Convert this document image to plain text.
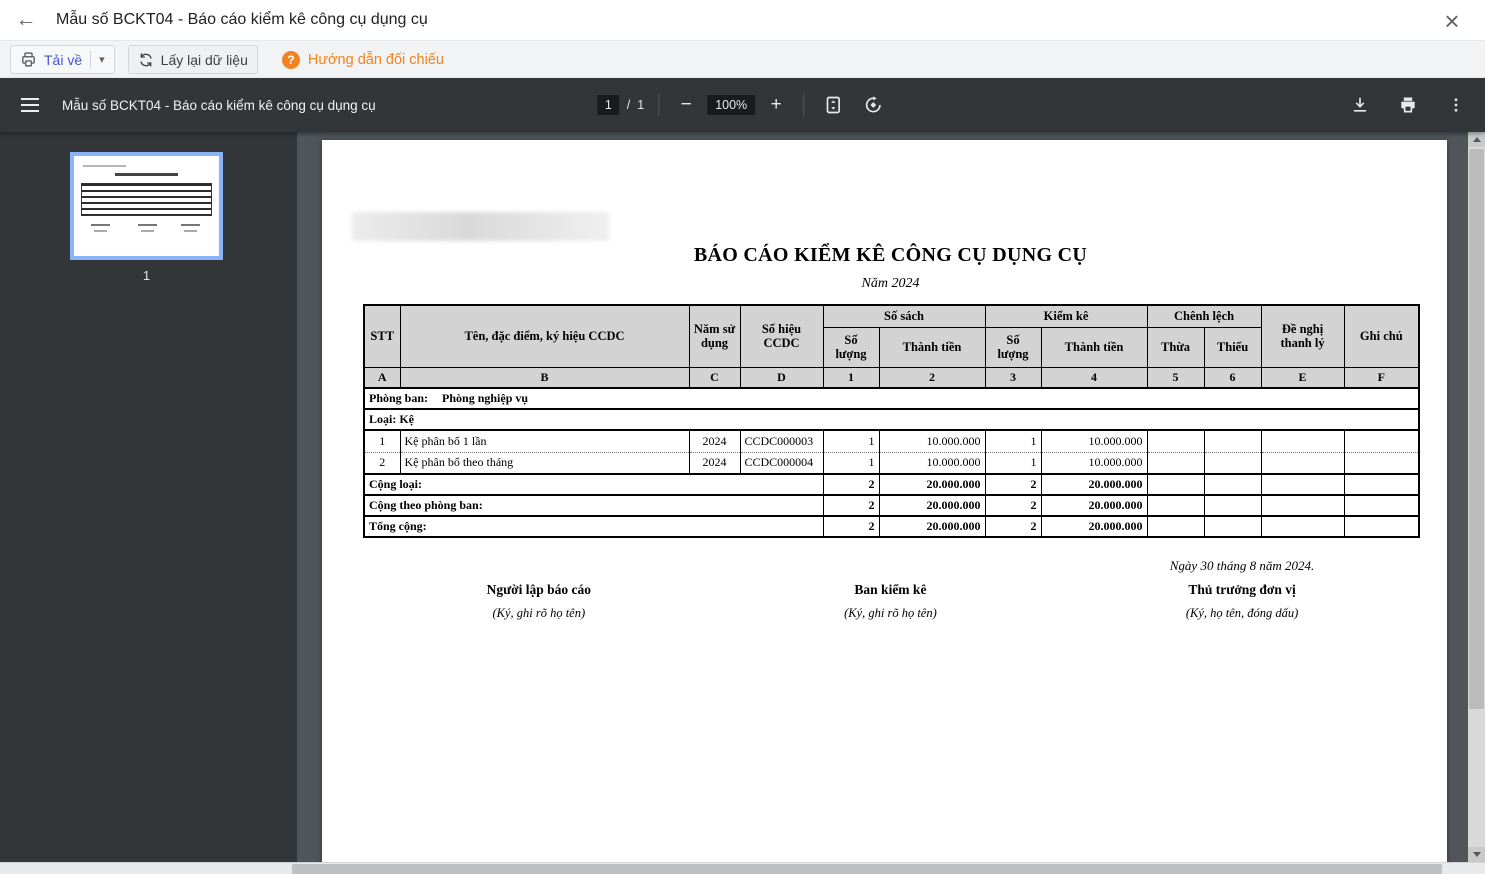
←	Mẫu số BCKT04 - Báo cáo kiểm kê công cụ dụng cụ	×
Tải về ▾	Lấy lại dữ liệu	? Hướng dẫn đối chiếu
Mẫu số BCKT04 - Báo cáo kiểm kê công cụ dụng cụ	1	/ 1	−	100%	+
1
BÁO CÁO KIỂM KÊ CÔNG CỤ DỤNG CỤ
Năm 2024
STT	Tên, đặc điểm, ký hiệu CCDC	Năm sử dụng	Số hiệu CCDC	Số sách		Kiểm kê		Chênh lệch		Đề nghị thanh lý	Ghi chú
				Số lượng	Thành tiền	Số lượng	Thành tiền	Thừa	Thiếu		
A	B	C	D	1	2	3	4	5	6	E	F
Phòng ban: Phòng nghiệp vụ											
Loại: Kệ											
1	Kệ phân bổ 1 lần	2024	CCDC000003	1	10.000.000	1	10.000.000				
2	Kệ phân bổ theo tháng	2024	CCDC000004	1	10.000.000	1	10.000.000				
Cộng loại:				2	20.000.000	2	20.000.000				
Cộng theo phòng ban:				2	20.000.000	2	20.000.000				
Tổng cộng:				2	20.000.000	2	20.000.000				
Ngày 30 tháng 8 năm 2024.
Người lập báo cáo
(Ký, ghi rõ họ tên)
Ban kiểm kê
(Ký, ghi rõ họ tên)
Thủ trưởng đơn vị
(Ký, họ tên, đóng dấu)
